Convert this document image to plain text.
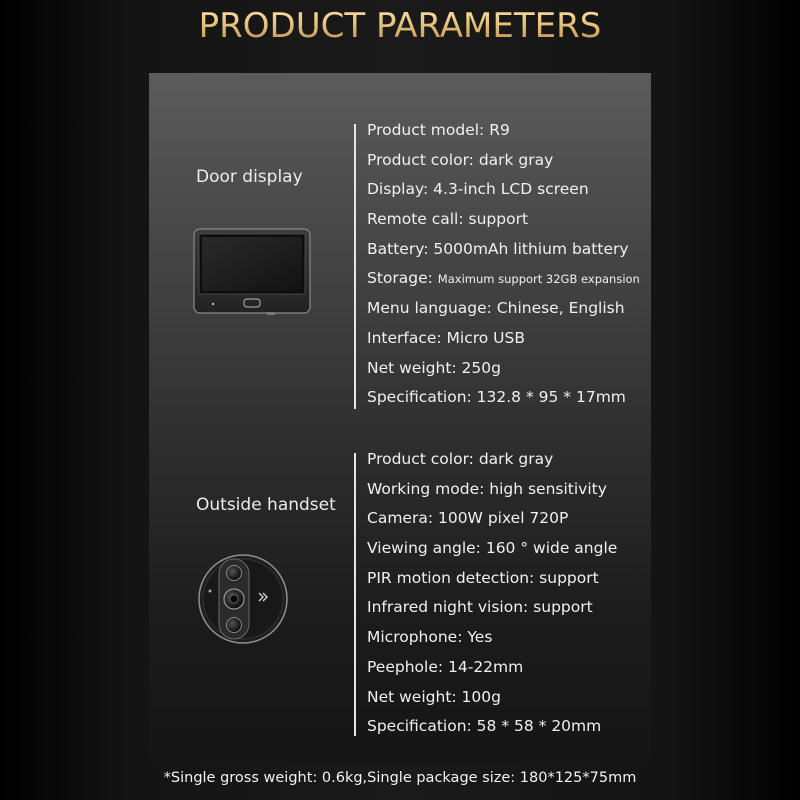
PRODUCT PARAMETERS
Door display
Product model: R9
Product color: dark gray
Display: 4.3-inch LCD screen
Remote call: support
Battery: 5000mAh lithium battery
Storage: Maximum support 32GB expansion
Menu language: Chinese, English
Interface: Micro USB
Net weight: 250g
Specification: 132.8 * 95 * 17mm
Outside handset
Product color: dark gray
Working mode: high sensitivity
Camera: 100W pixel 720P
Viewing angle: 160 ° wide angle
PIR motion detection: support
Infrared night vision: support
Microphone: Yes
Peephole: 14-22mm
Net weight: 100g
Specification: 58 * 58 * 20mm
*Single gross weight: 0.6kg,Single package size: 180*125*75mm
